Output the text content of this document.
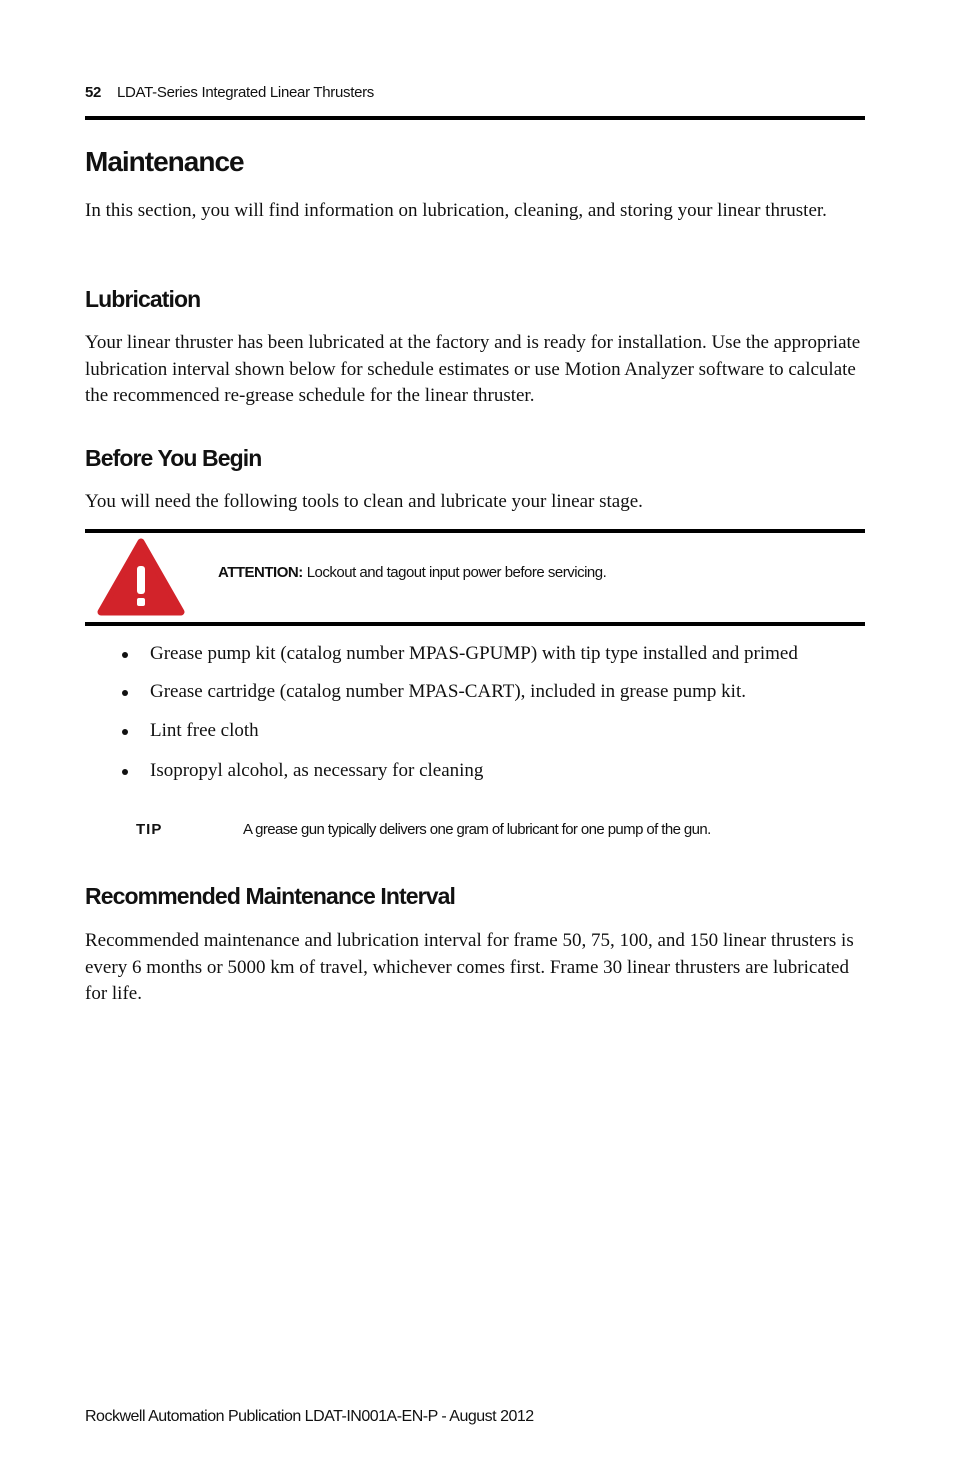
52 LDAT-Series Integrated Linear Thrusters
Maintenance

In this section, you will find information on lubrication, cleaning, and storing your linear thruster.

Lubrication

Your linear thruster has been lubricated at the factory and is ready for installation. Use the appropriate lubrication interval shown below for schedule estimates or use Motion Analyzer software to calculate the recommenced re-grease schedule for the linear thruster.

Before You Begin

You will need the following tools to clean and lubricate your linear stage.

ATTENTION: Lockout and tagout input power before servicing.
Grease pump kit (catalog number MPAS-GPUMP) with tip type installed and primed
Grease cartridge (catalog number MPAS-CART), included in grease pump kit.
Lint free cloth
Isopropyl alcohol, as necessary for cleaning
TIP	A grease gun typically delivers one gram of lubricant for one pump of the gun.
Recommended Maintenance Interval

Recommended maintenance and lubrication interval for frame 50, 75, 100, and 150 linear thrusters is every 6 months or 5000 km of travel, whichever comes first. Frame 30 linear thrusters are lubricated for life.

Rockwell Automation Publication LDAT-IN001A-EN-P - August 2012
